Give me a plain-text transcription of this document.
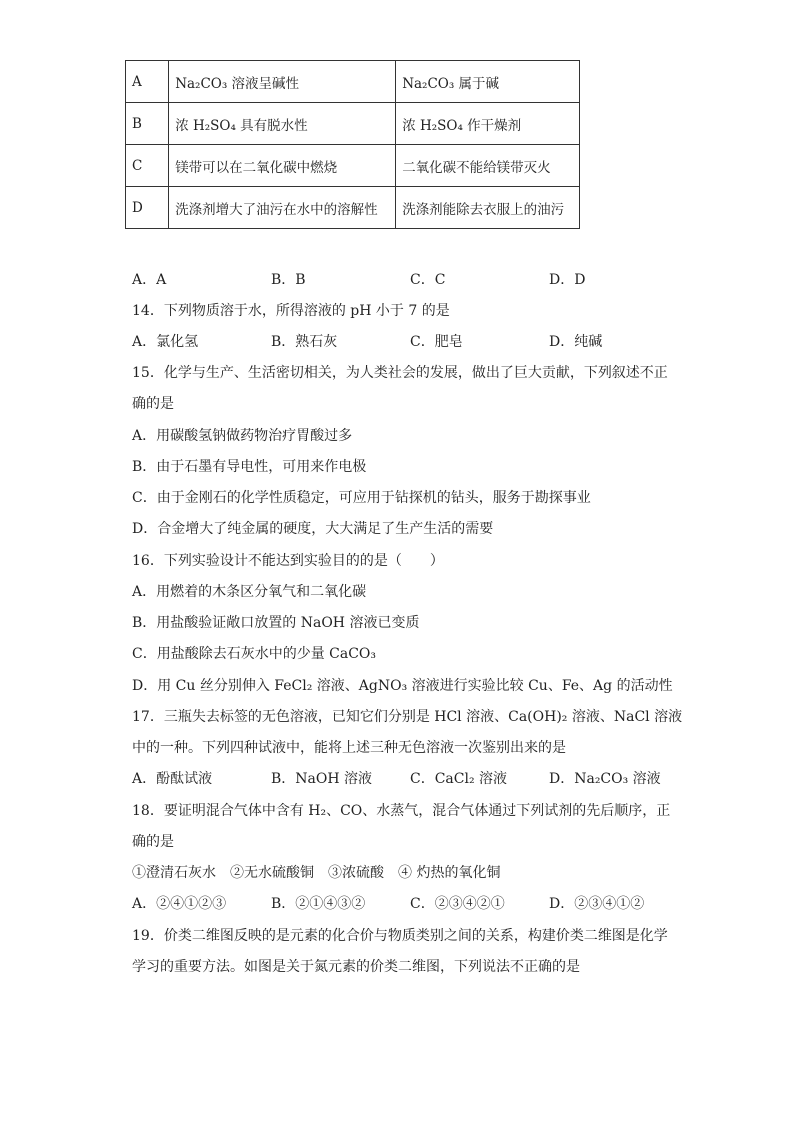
A	Na₂CO₃ 溶液呈碱性	Na₂CO₃ 属于碱
B	浓 H₂SO₄ 具有脱水性	浓 H₂SO₄ 作干燥剂
C	镁带可以在二氧化碳中燃烧	二氧化碳不能给镁带灭火
D	洗涤剂增大了油污在水中的溶解性	洗涤剂能除去衣服上的油污
A．A	B．B	C．C	D．D
14．下列物质溶于水，所得溶液的 pH 小于 7 的是
A．氯化氢	B．熟石灰	C．肥皂	D．纯碱
15．化学与生产、生活密切相关，为人类社会的发展，做出了巨大贡献，下列叙述不正
确的是
A．用碳酸氢钠做药物治疗胃酸过多
B．由于石墨有导电性，可用来作电极
C．由于金刚石的化学性质稳定，可应用于钻探机的钻头，服务于勘探事业
D．合金增大了纯金属的硬度，大大满足了生产生活的需要
16．下列实验设计不能达到实验目的的是（　　）
A．用燃着的木条区分氧气和二氧化碳
B．用盐酸验证敞口放置的 NaOH 溶液已变质
C．用盐酸除去石灰水中的少量 CaCO₃
D．用 Cu 丝分别伸入 FeCl₂ 溶液、AgNO₃ 溶液进行实验比较 Cu、Fe、Ag 的活动性
17．三瓶失去标签的无色溶液，已知它们分别是 HCl 溶液、Ca(OH)₂ 溶液、NaCl 溶液
中的一种。下列四种试液中，能将上述三种无色溶液一次鉴别出来的是
A．酚酞试液	B．NaOH 溶液	C．CaCl₂ 溶液	D．Na₂CO₃ 溶液
18．要证明混合气体中含有 H₂、CO、水蒸气，混合气体通过下列试剂的先后顺序，正
确的是
①澄清石灰水　②无水硫酸铜　③浓硫酸　④ 灼热的氧化铜
A．②④①②③	B．②①④③②	C．②③④②①	D．②③④①②
19．价类二维图反映的是元素的化合价与物质类别之间的关系，构建价类二维图是化学
学习的重要方法。如图是关于氮元素的价类二维图，下列说法不正确的是
